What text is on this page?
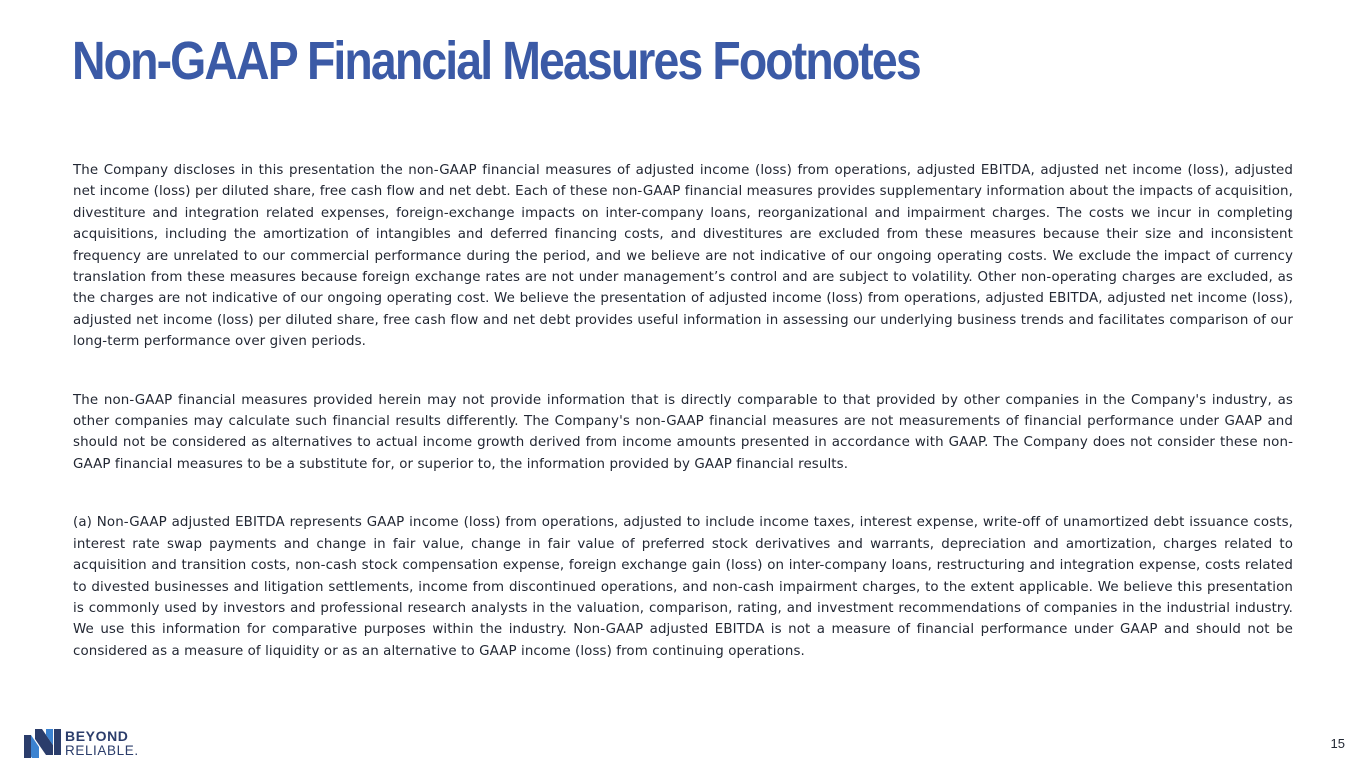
Non-GAAP Financial Measures Footnotes

The Company discloses in this presentation the non-GAAP financial measures of adjusted income (loss) from operations, adjusted EBITDA, adjusted net income (loss), adjusted net income (loss) per diluted share, free cash flow and net debt. Each of these non-GAAP financial measures provides supplementary information about the impacts of acquisition, divestiture and integration related expenses, foreign-exchange impacts on inter-company loans, reorganizational and impairment charges. The costs we incur in completing acquisitions, including the amortization of intangibles and deferred financing costs, and divestitures are excluded from these measures because their size and inconsistent frequency are unrelated to our commercial performance during the period, and we believe are not indicative of our ongoing operating costs. We exclude the impact of currency translation from these measures because foreign exchange rates are not under management’s control and are subject to volatility. Other non-operating charges are excluded, as the charges are not indicative of our ongoing operating cost. We believe the presentation of adjusted income (loss) from operations, adjusted EBITDA, adjusted net income (loss), adjusted net income (loss) per diluted share, free cash flow and net debt provides useful information in assessing our underlying business trends and facilitates comparison of our long-term performance over given periods.

The non-GAAP financial measures provided herein may not provide information that is directly comparable to that provided by other companies in the Company's industry, as other companies may calculate such financial results differently. The Company's non-GAAP financial measures are not measurements of financial performance under GAAP and should not be considered as alternatives to actual income growth derived from income amounts presented in accordance with GAAP. The Company does not consider these non-GAAP financial measures to be a substitute for, or superior to, the information provided by GAAP financial results.

(a) Non-GAAP adjusted EBITDA represents GAAP income (loss) from operations, adjusted to include income taxes, interest expense, write-off of unamortized debt issuance costs, interest rate swap payments and change in fair value, change in fair value of preferred stock derivatives and warrants, depreciation and amortization, charges related to acquisition and transition costs, non-cash stock compensation expense, foreign exchange gain (loss) on inter-company loans, restructuring and integration expense, costs related to divested businesses and litigation settlements, income from discontinued operations, and non-cash impairment charges, to the extent applicable. We believe this presentation is commonly used by investors and professional research analysts in the valuation, comparison, rating, and investment recommendations of companies in the industrial industry. We use this information for comparative purposes within the industry. Non-GAAP adjusted EBITDA is not a measure of financial performance under GAAP and should not be considered as a measure of liquidity or as an alternative to GAAP income (loss) from continuing operations.

BEYOND
RELIABLE.	15
